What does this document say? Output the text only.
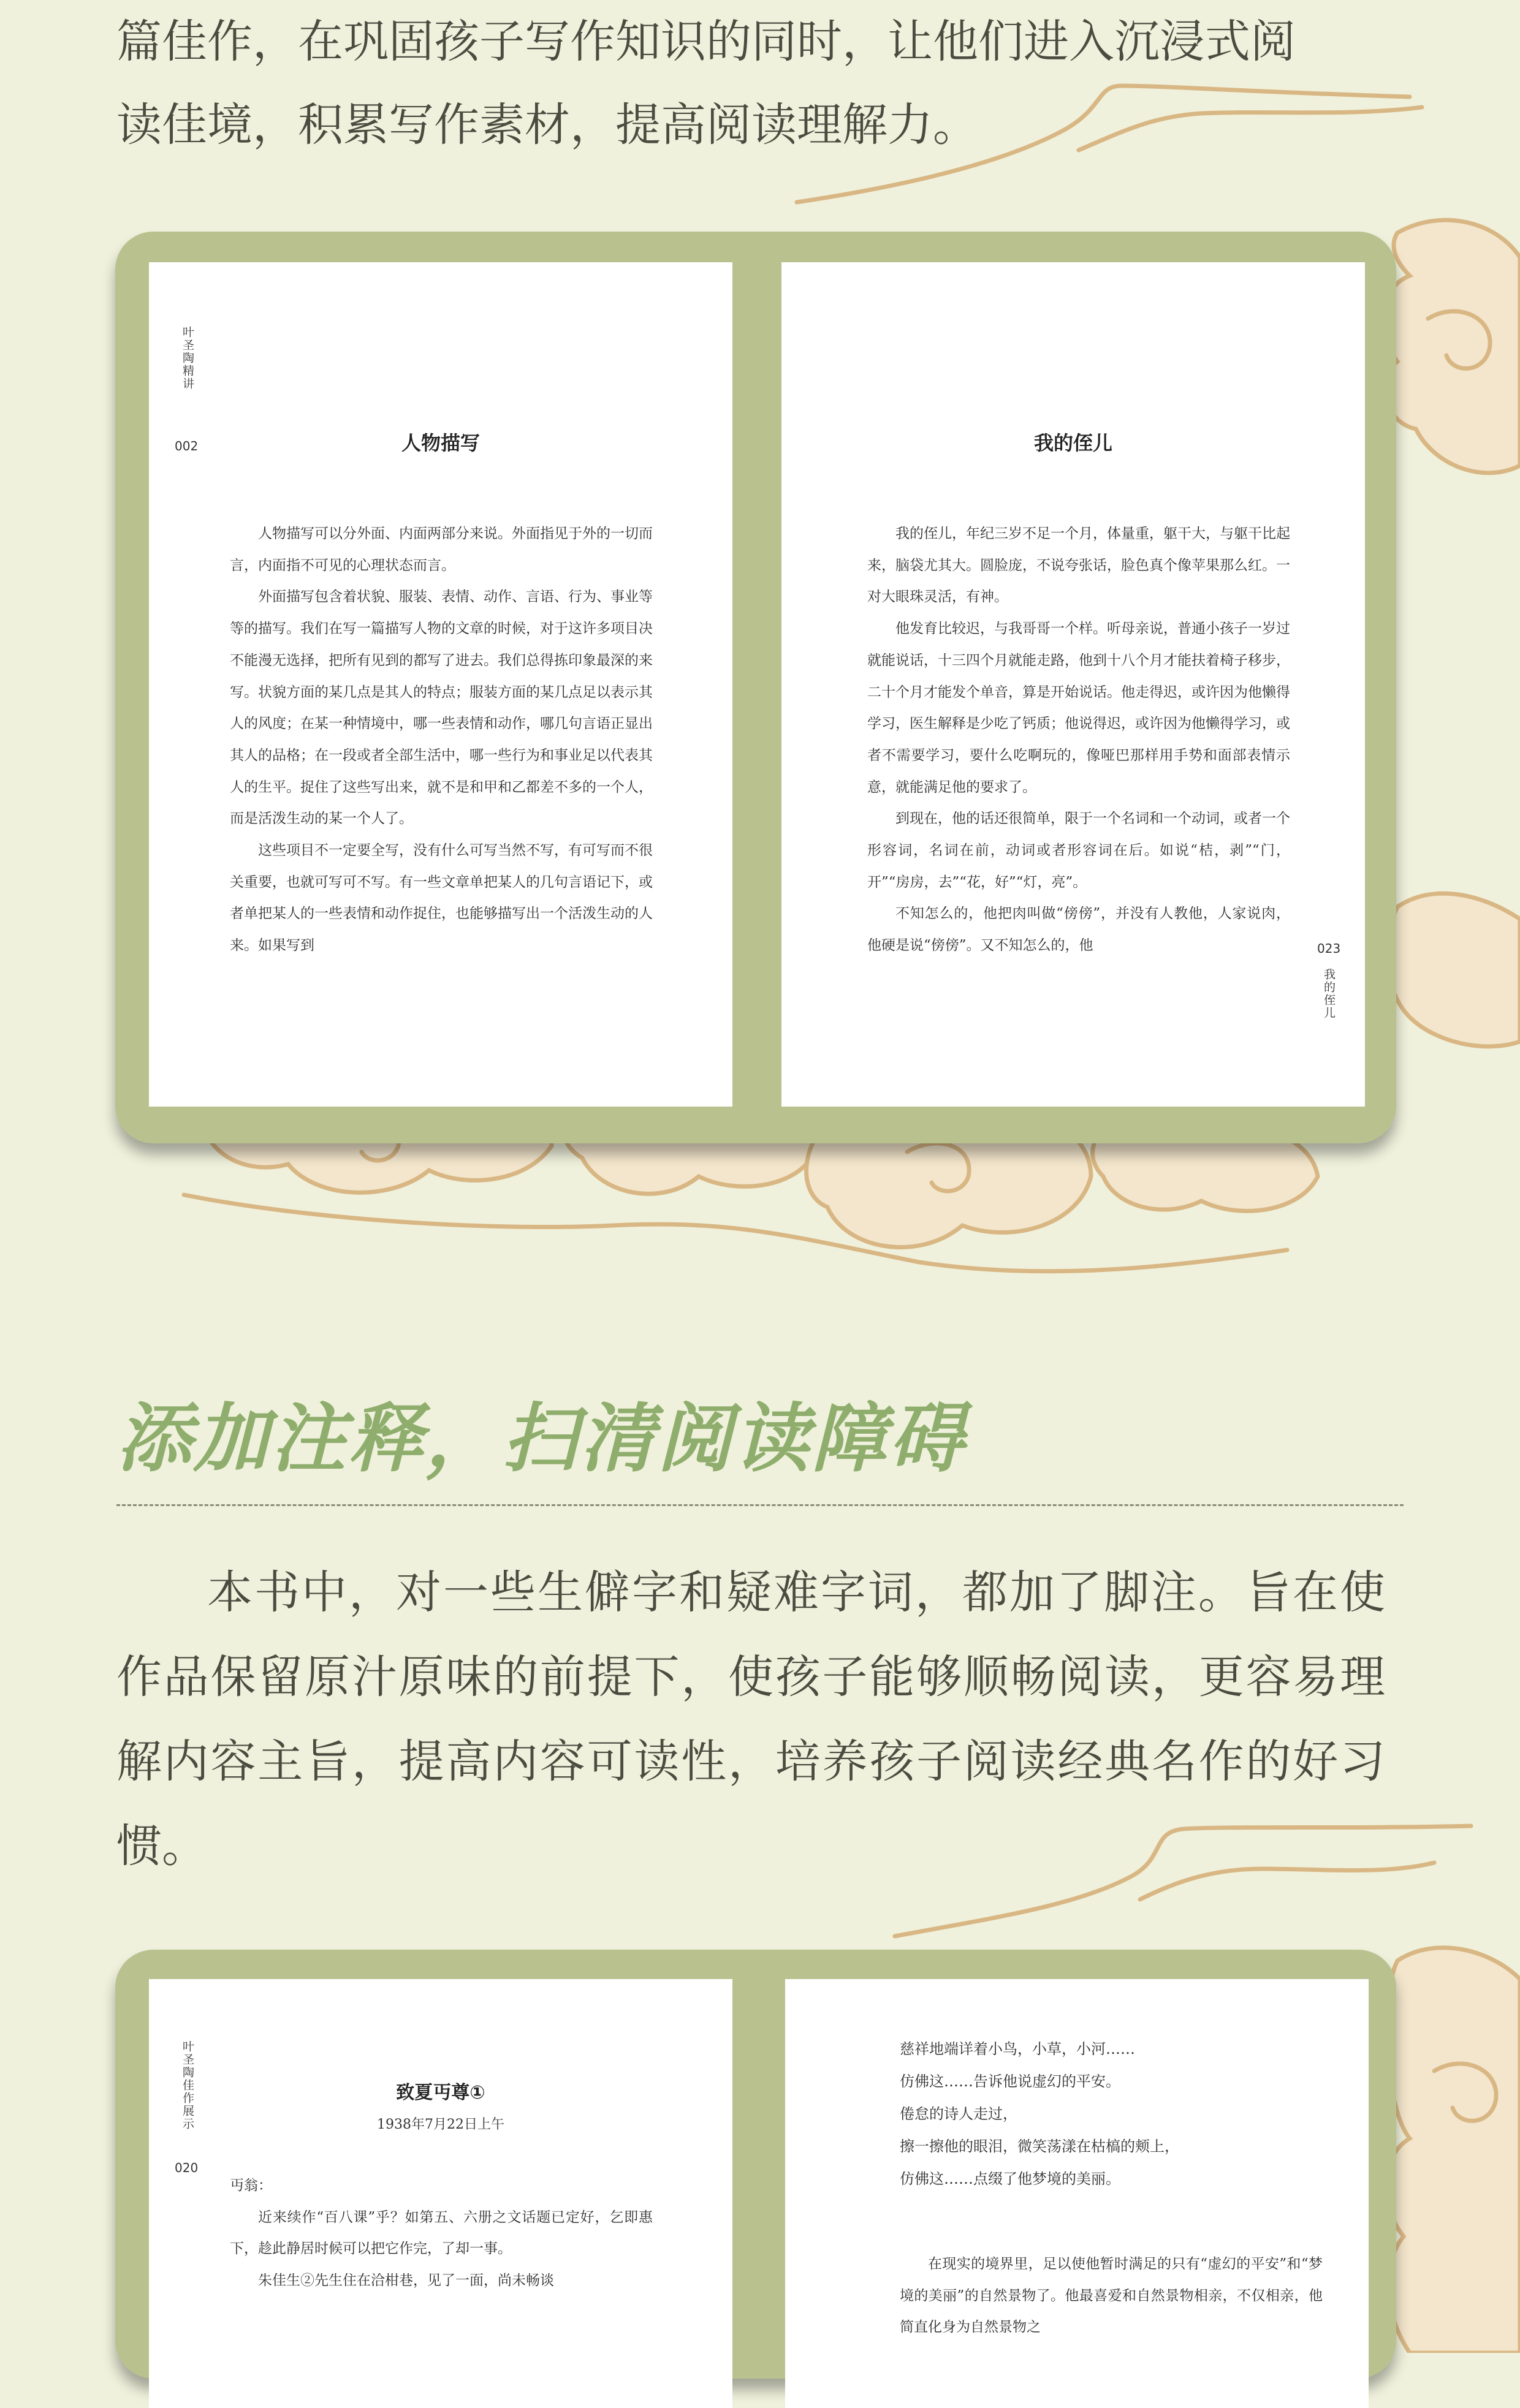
篇佳作，在巩固孩子写作知识的同时，让他们进入沉浸式阅

读佳境，积累写作素材，提高阅读理解力。

叶圣陶精讲
002	人物描写

人物描写可以分外面、内面两部分来说。外面指见于外的一切而言，内面指不可见的心理状态而言。

外面描写包含着状貌、服装、表情、动作、言语、行为、事业等等的描写。我们在写一篇描写人物的文章的时候，对于这许多项目决不能漫无选择，把所有见到的都写了进去。我们总得拣印象最深的来写。状貌方面的某几点是其人的特点；服装方面的某几点足以表示其人的风度；在某一种情境中，哪一些表情和动作，哪几句言语正显出其人的品格；在一段或者全部生活中，哪一些行为和事业足以代表其人的生平。捉住了这些写出来，就不是和甲和乙都差不多的一个人，而是活泼生动的某一个人了。

这些项目不一定要全写，没有什么可写当然不写，有可写而不很关重要，也就可写可不写。有一些文章单把某人的几句言语记下，或者单把某人的一些表情和动作捉住，也能够描写出一个活泼生动的人来。如果写到	023
我的侄儿
我的侄儿

我的侄儿，年纪三岁不足一个月，体量重，躯干大，与躯干比起来，脑袋尤其大。圆脸庞，不说夸张话，脸色真个像苹果那么红。一对大眼珠灵活，有神。

他发育比较迟，与我哥哥一个样。听母亲说，普通小孩子一岁过就能说话，十三四个月就能走路，他到十八个月才能扶着椅子移步，二十个月才能发个单音，算是开始说话。他走得迟，或许因为他懒得学习，医生解释是少吃了钙质；他说得迟，或许因为他懒得学习，或者不需要学习，要什么吃啊玩的，像哑巴那样用手势和面部表情示意，就能满足他的要求了。

到现在，他的话还很简单，限于一个名词和一个动词，或者一个形容词，名词在前，动词或者形容词在后。如说“桔，剥”“门，开”“房房，去”“花，好”“灯，亮”。

不知怎么的，他把肉叫做“傍傍”，并没有人教他，人家说肉，他硬是说“傍傍”。又不知怎么的，他

添加注释，扫清阅读障碍

本书中，对一些生僻字和疑难字词，都加了脚注。旨在使作品保留原汁原味的前提下，使孩子能够顺畅阅读，更容易理解内容主旨，提高内容可读性，培养孩子阅读经典名作的好习惯。

叶圣陶佳作展示
020
致夏丏尊①
1938年7月22日上午

丏翁：

近来续作“百八课”乎？如第五、六册之文话题已定好，乞即惠下，趁此静居时候可以把它作完，了却一事。

朱佳生②先生住在洽柑巷，见了一面，尚未畅谈

慈祥地端详着小鸟，小草，小河……
仿佛这……告诉他说虚幻的平安。
倦怠的诗人走过，
擦一擦他的眼泪，微笑荡漾在枯槁的颊上，
仿佛这……点缀了他梦境的美丽。

在现实的境界里，足以使他暂时满足的只有“虚幻的平安”和“梦境的美丽”的自然景物了。他最喜爱和自然景物相亲，不仅相亲，他简直化身为自然景物之
